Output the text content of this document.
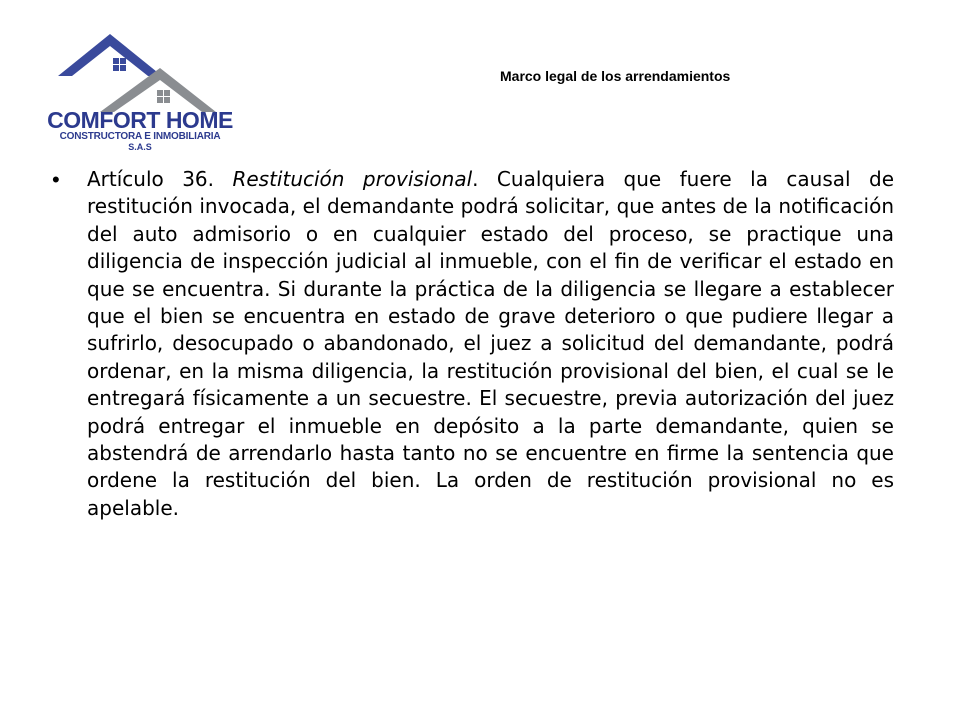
COMFORT HOME
CONSTRUCTORA E INMOBILIARIA
S.A.S
Marco legal de los arrendamientos
• Artículo 36. Restitución provisional. Cualquiera que fuere la causal de restitución invocada, el demandante podrá solicitar, que antes de la notificación del auto admisorio o en cualquier estado del proceso, se practique una diligencia de inspección judicial al inmueble, con el fin de verificar el estado en que se encuentra. Si durante la práctica de la diligencia se llegare a establecer que el bien se encuentra en estado de grave deterioro o que pudiere llegar a sufrirlo, desocupado o abandonado, el juez a solicitud del demandante, podrá ordenar, en la misma diligencia, la restitución provisional del bien, el cual se le entregará físicamente a un secuestre. El secuestre, previa autorización del juez podrá entregar el inmueble en depósito a la parte demandante, quien se abstendrá de arrendarlo hasta tanto no se encuentre en firme la sentencia que ordene la restitución del bien. La orden de restitución provisional no es apelable.
